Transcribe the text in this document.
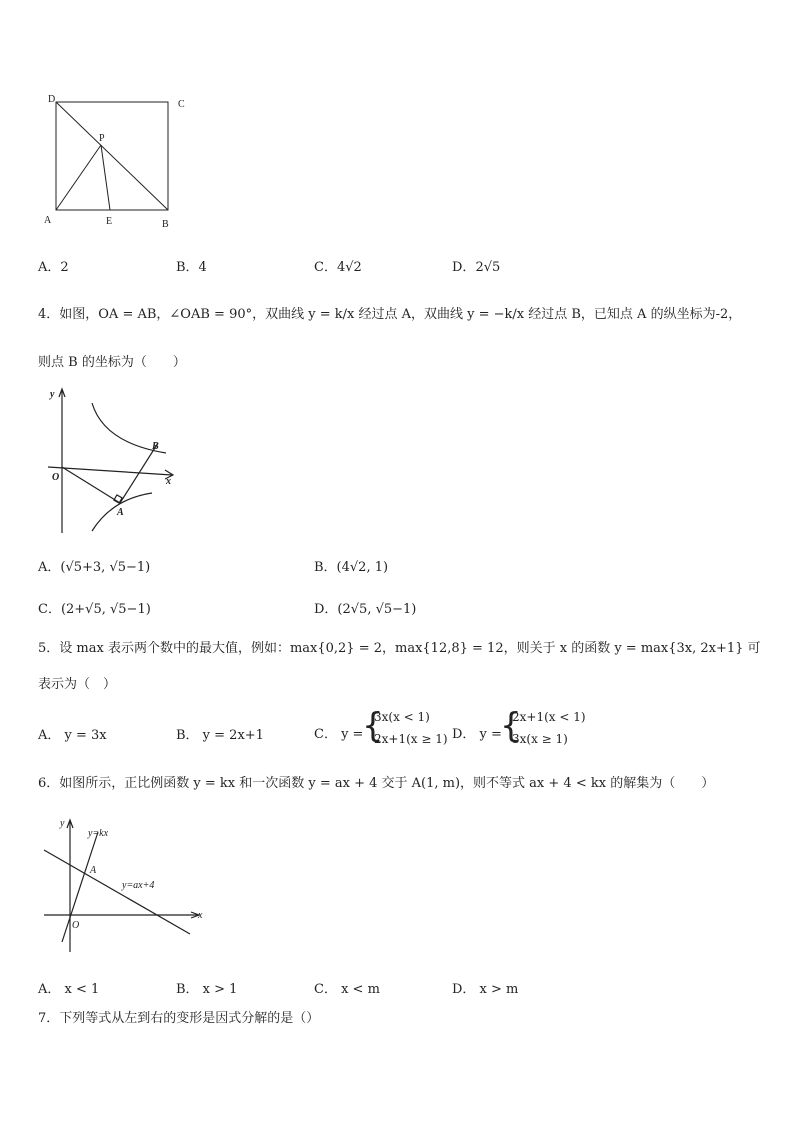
D	C
P
A	E	B
A．2	B．4	C．4√2	D．2√5
4．如图，OA = AB，∠OAB = 90°，双曲线 y = k/x 经过点 A，双曲线 y = −k/x 经过点 B，已知点 A 的纵坐标为-2，
则点 B 的坐标为（　　）
y
x
O
A
B
A．(√5+3, √5−1)	B．(4√2, 1)
C．(2+√5, √5−1)	D．(2√5, √5−1)
5．设 max 表示两个数中的最大值，例如：max{0,2} = 2，max{12,8} = 12，则关于 x 的函数 y = max{3x, 2x+1} 可
表示为（　）
A． y = 3x	B． y = 2x+1	C． y =
{
3x(x < 1)
2x+1(x ≥ 1) D． y =
{
2x+1(x < 1)
3x(x ≥ 1)
6．如图所示，正比例函数 y = kx 和一次函数 y = ax + 4 交于 A(1, m)，则不等式 ax + 4 < kx 的解集为（　　）
y
x
O
A
y=kx
y=ax+4
A． x < 1	B． x > 1	C． x < m	D． x > m
7．下列等式从左到右的变形是因式分解的是（）
